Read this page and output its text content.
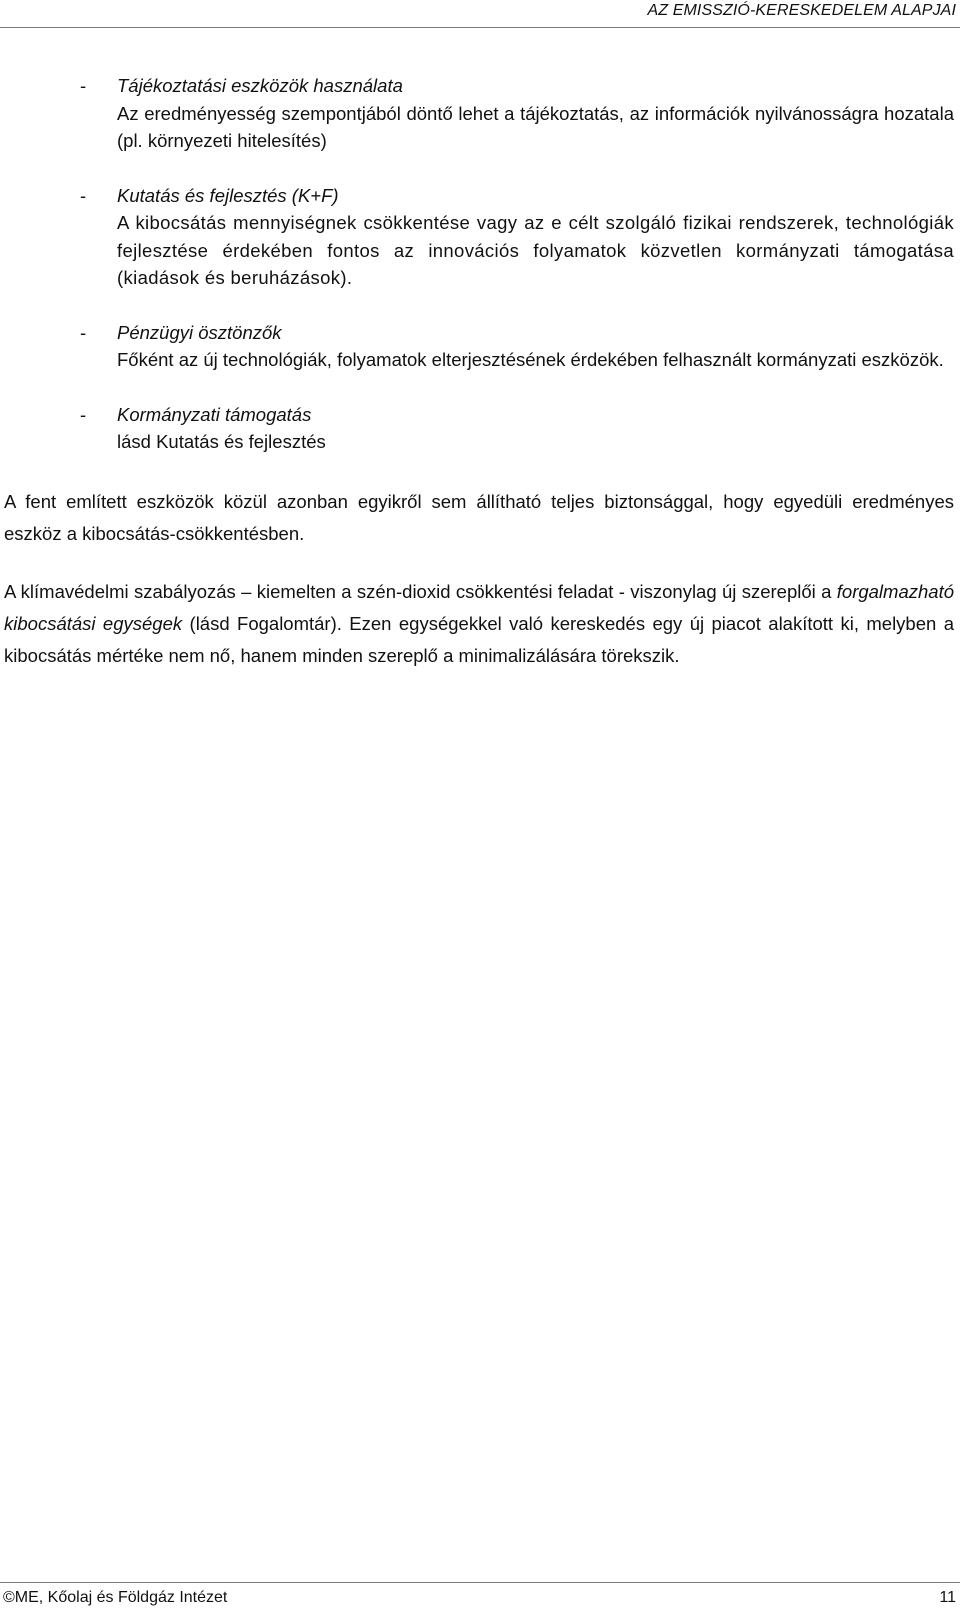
AZ EMISSZIÓ-KERESKEDELEM ALAPJAI
- Tájékoztatási eszközök használata
Az eredményesség szempontjából döntő lehet a tájékoztatás, az információk nyilvánosságra hozatala (pl. környezeti hitelesítés)
- Kutatás és fejlesztés (K+F)
A kibocsátás mennyiségnek csökkentése vagy az e célt szolgáló fizikai rendszerek, technológiák fejlesztése érdekében fontos az innovációs folyamatok közvetlen kormányzati támogatása (kiadások és beruházások).
- Pénzügyi ösztönzők
Főként az új technológiák, folyamatok elterjesztésének érdekében felhasznált kormányzati eszközök.
- Kormányzati támogatás
lásd Kutatás és fejlesztés

A fent említett eszközök közül azonban egyikről sem állítható teljes biztonsággal, hogy egyedüli eredményes eszköz a kibocsátás-csökkentésben.

A klímavédelmi szabályozás – kiemelten a szén-dioxid csökkentési feladat - viszonylag új szereplői a forgalmazható kibocsátási egységek (lásd Fogalomtár). Ezen egységekkel való kereskedés egy új piacot alakított ki, melyben a kibocsátás mértéke nem nő, hanem minden szereplő a minimalizálására törekszik.

©ME, Kőolaj és Földgáz Intézet	11
